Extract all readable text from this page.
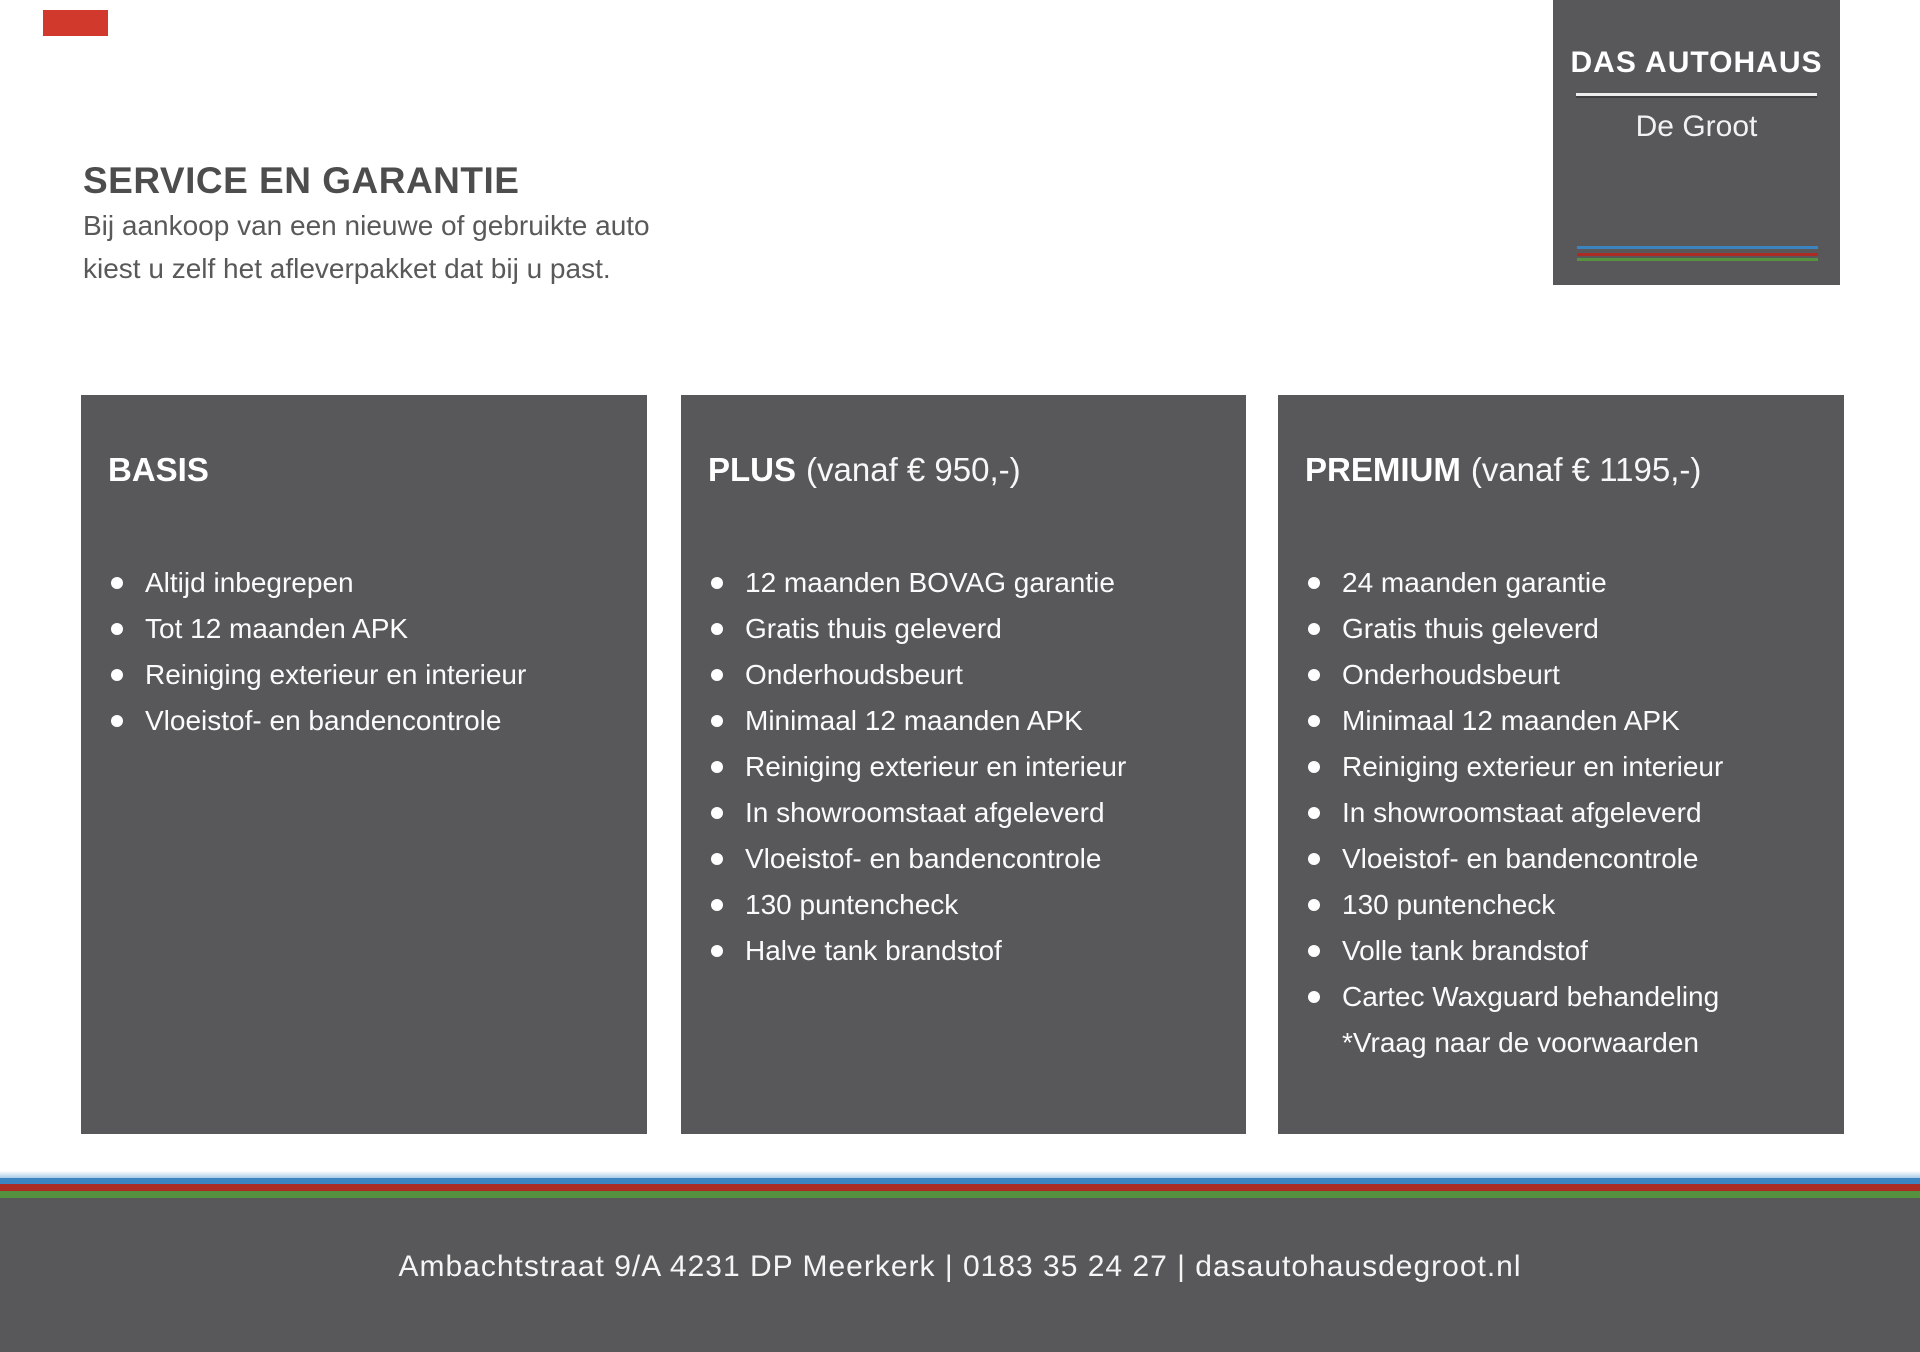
DAS AUTOHAUS
De Groot
SERVICE EN GARANTIE
Bij aankoop van een nieuwe of gebruikte auto
kiest u zelf het afleverpakket dat bij u past.
BASIS
Altijd inbegrepen
Tot 12 maanden APK
Reiniging exterieur en interieur
Vloeistof- en bandencontrole
PLUS (vanaf € 950,-)
12 maanden BOVAG garantie
Gratis thuis geleverd
Onderhoudsbeurt
Minimaal 12 maanden APK
Reiniging exterieur en interieur
In showroomstaat afgeleverd
Vloeistof- en bandencontrole
130 puntencheck
Halve tank brandstof
PREMIUM (vanaf € 1195,-)
24 maanden garantie
Gratis thuis geleverd
Onderhoudsbeurt
Minimaal 12 maanden APK
Reiniging exterieur en interieur
In showroomstaat afgeleverd
Vloeistof- en bandencontrole
130 puntencheck
Volle tank brandstof
Cartec Waxguard behandeling
*Vraag naar de voorwaarden
Ambachtstraat 9/A 4231 DP Meerkerk | 0183 35 24 27 | dasautohausdegroot.nl
